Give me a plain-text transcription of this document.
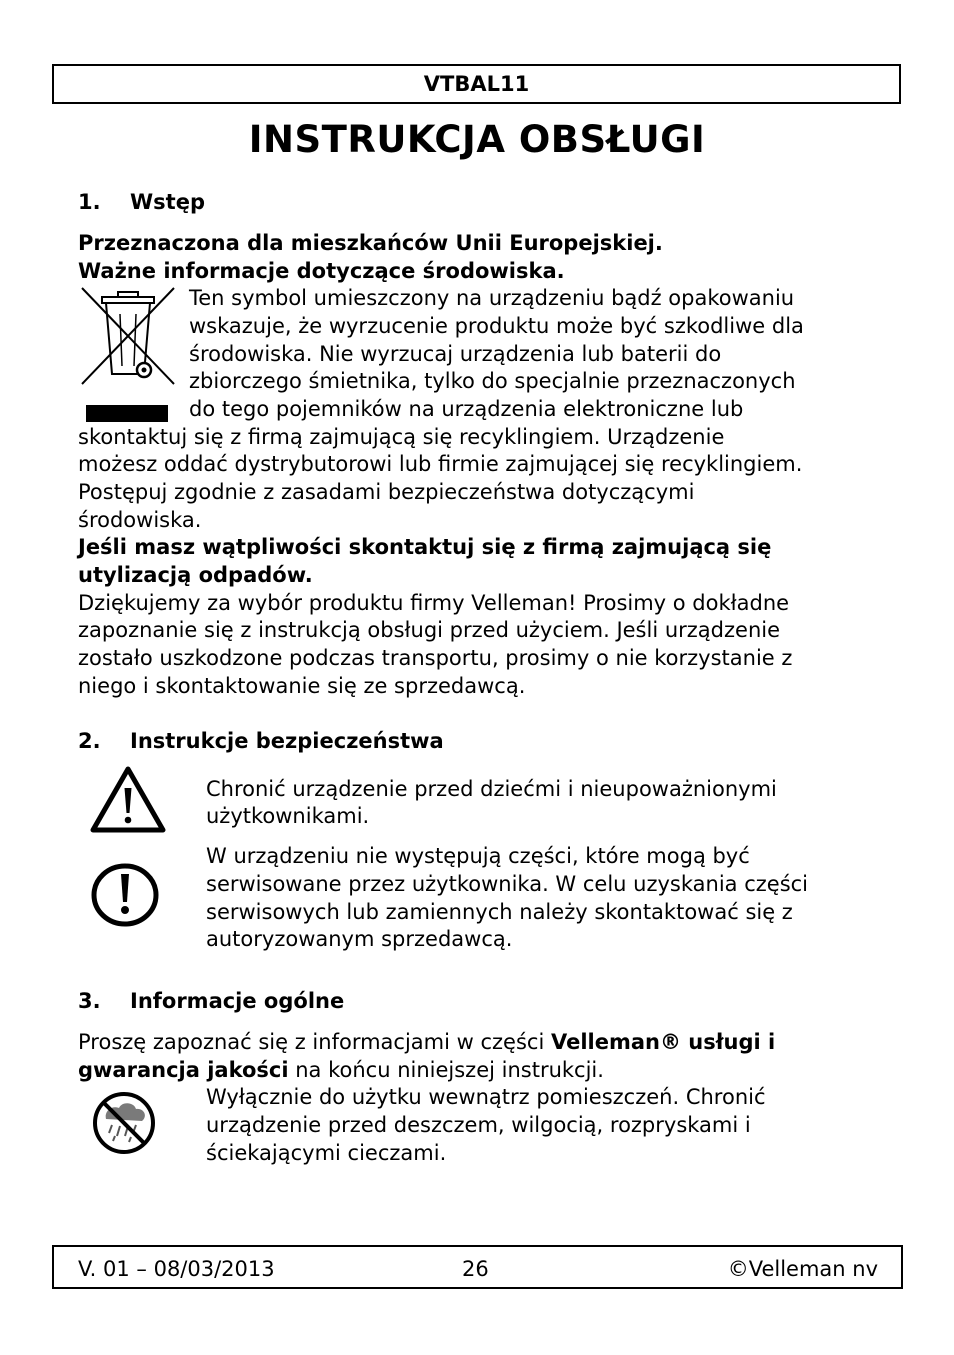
VTBAL11
INSTRUKCJA OBSŁUGI
1. Wstęp
Przeznaczona dla mieszkańców Unii Europejskiej.
Ważne informacje dotyczące środowiska.
Ten symbol umieszczony na urządzeniu bądź opakowaniu
wskazuje, że wyrzucenie produktu może być szkodliwe dla
środowiska. Nie wyrzucaj urządzenia lub baterii do
zbiorczego śmietnika, tylko do specjalnie przeznaczonych
do tego pojemników na urządzenia elektroniczne lub
skontaktuj się z firmą zajmującą się recyklingiem. Urządzenie
możesz oddać dystrybutorowi lub firmie zajmującej się recyklingiem.
Postępuj zgodnie z zasadami bezpieczeństwa dotyczącymi
środowiska.
Jeśli masz wątpliwości skontaktuj się z firmą zajmującą się
utylizacją odpadów.
Dziękujemy za wybór produktu firmy Velleman! Prosimy o dokładne
zapoznanie się z instrukcją obsługi przed użyciem. Jeśli urządzenie
zostało uszkodzone podczas transportu, prosimy o nie korzystanie z
niego i skontaktowanie się ze sprzedawcą.
2. Instrukcje bezpieczeństwa
Chronić urządzenie przed dziećmi i nieupoważnionymi
użytkownikami.
W urządzeniu nie występują części, które mogą być
serwisowane przez użytkownika. W celu uzyskania części
serwisowych lub zamiennych należy skontaktować się z
autoryzowanym sprzedawcą.
3. Informacje ogólne
Proszę zapoznać się z informacjami w części Velleman® usługi i
gwarancja jakości na końcu niniejszej instrukcji.
Wyłącznie do użytku wewnątrz pomieszczeń. Chronić
urządzenie przed deszczem, wilgocią, rozpryskami i
ściekającymi cieczami.
V. 01 – 08/03/2013	26	©Velleman nv
